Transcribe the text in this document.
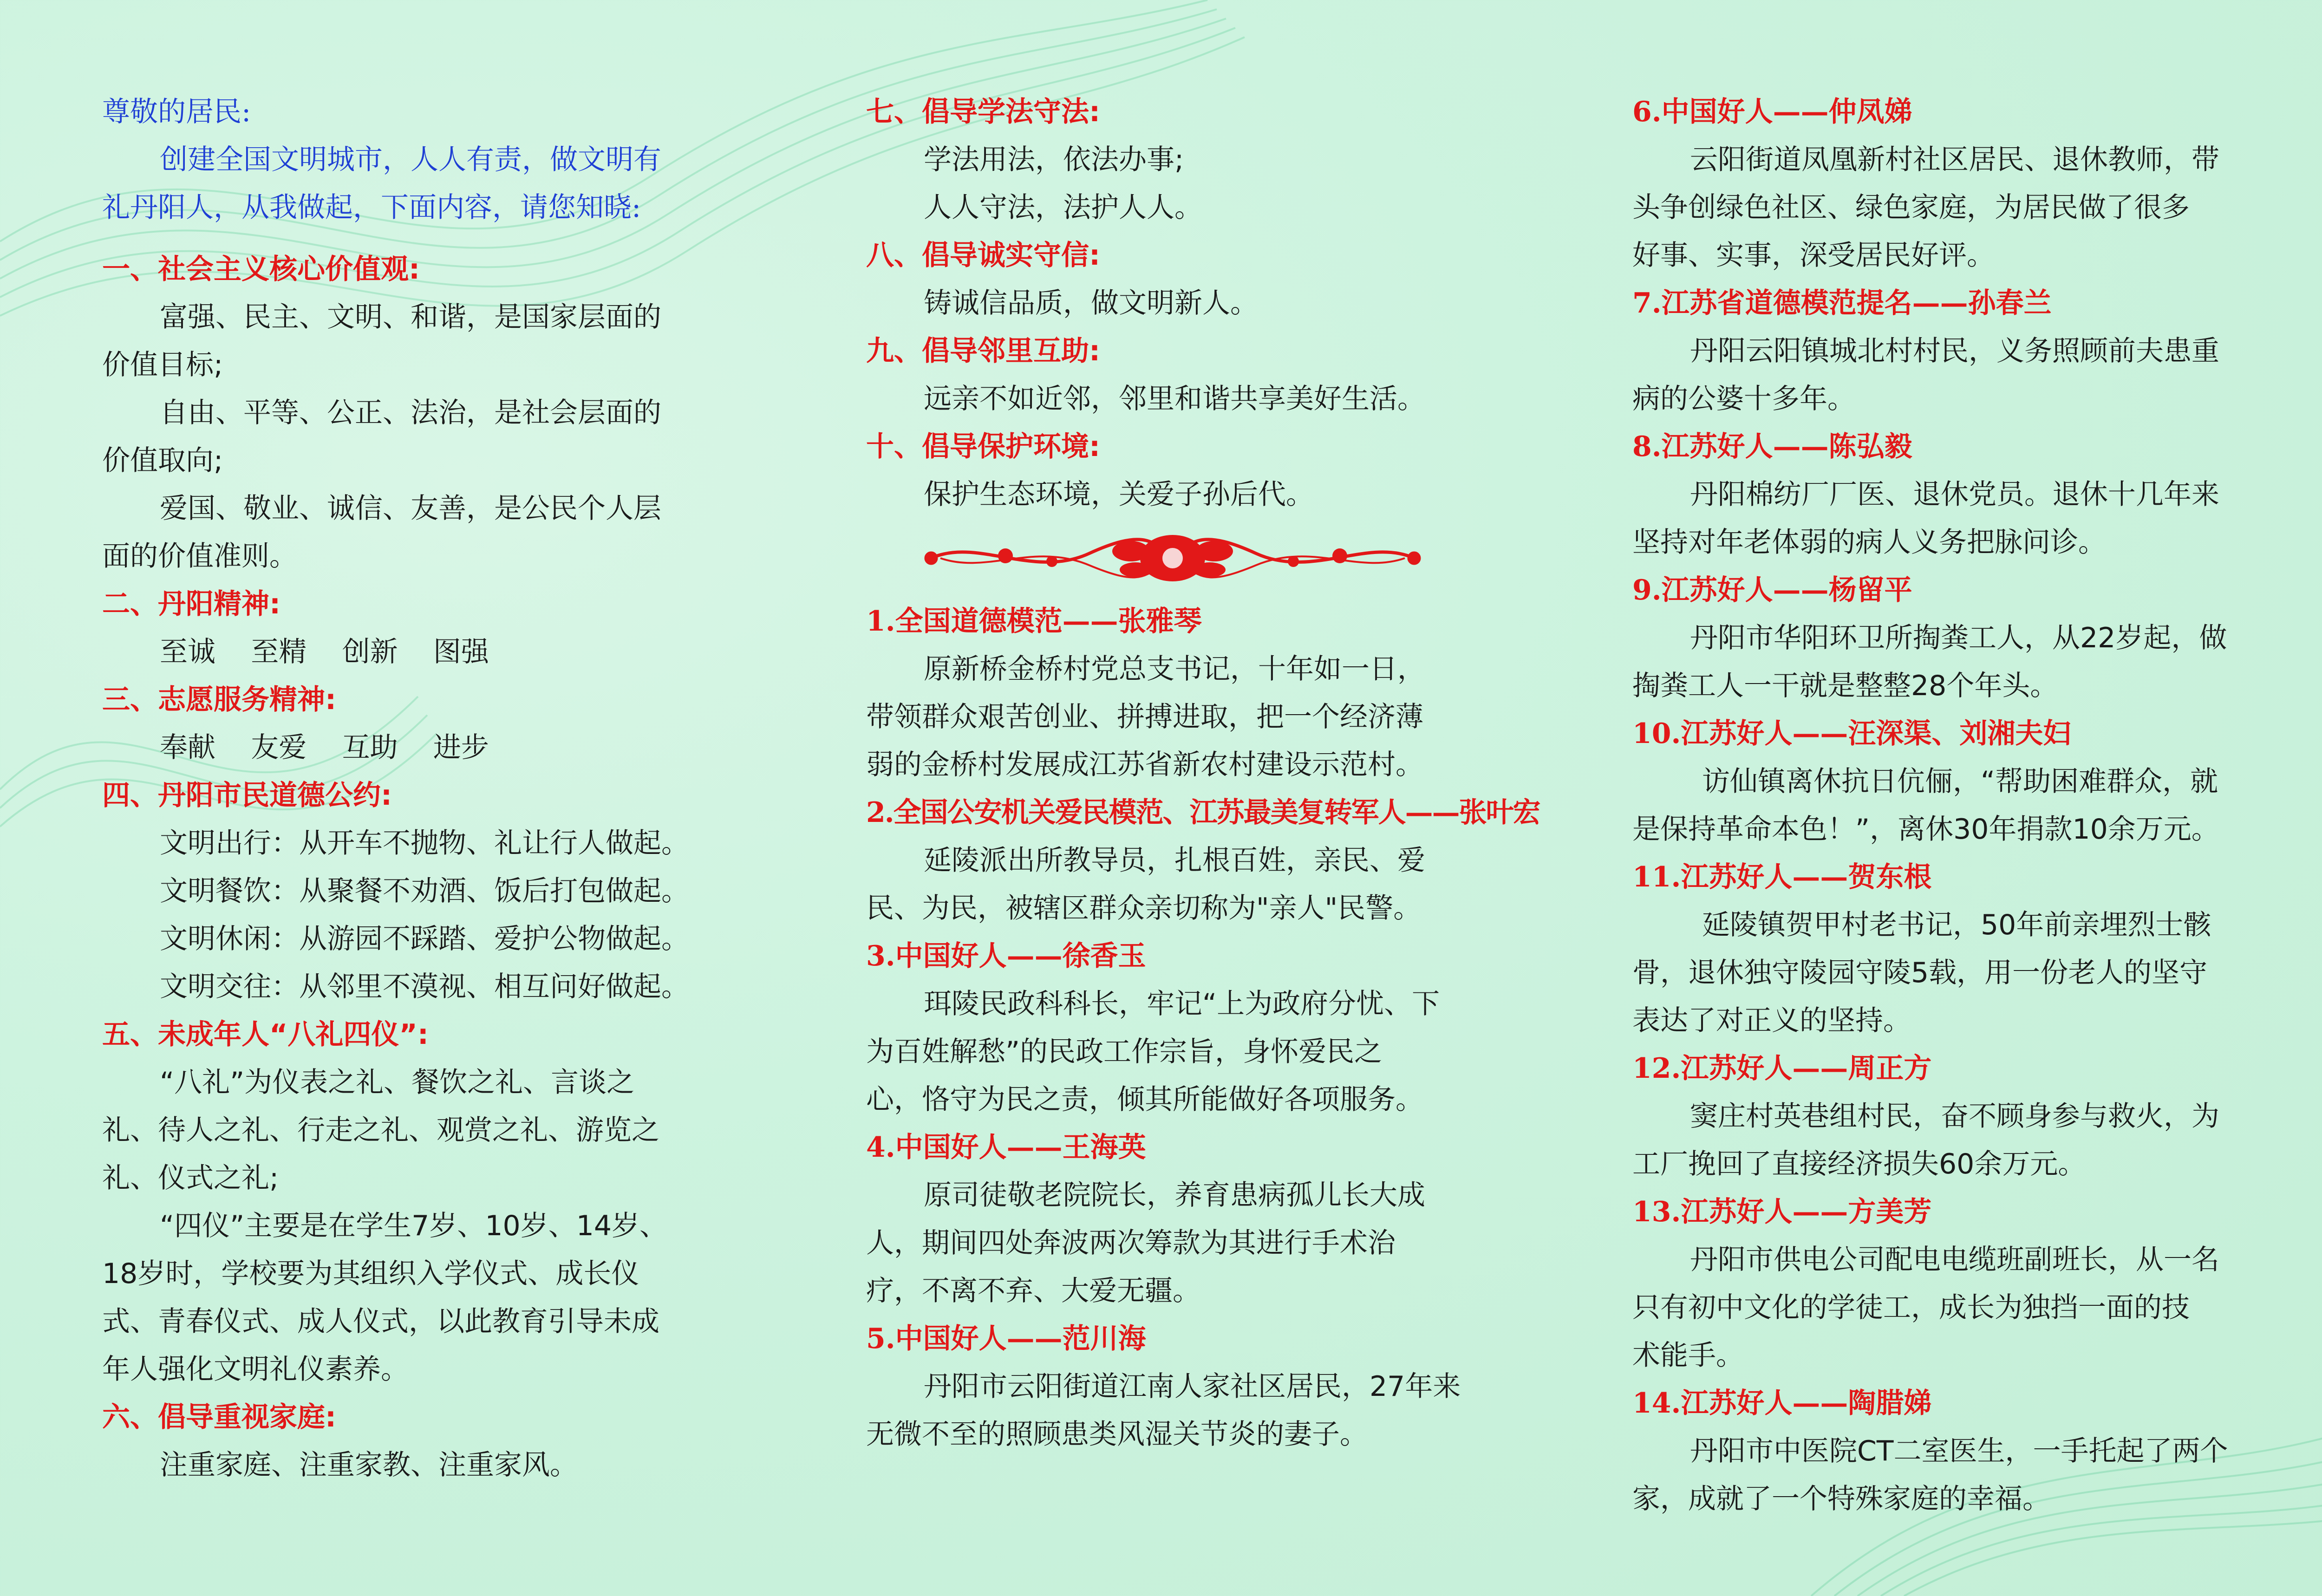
尊敬的居民:
创建全国文明城市，人人有责，做文明有
礼丹阳人，从我做起，下面内容，请您知晓:
一、社会主义核心价值观:
富强、民主、文明、和谐，是国家层面的
价值目标;
自由、平等、公正、法治，是社会层面的
价值取向;
爱国、敬业、诚信、友善，是公民个人层
面的价值准则。
二、丹阳精神:
至诚    至精    创新    图强
三、志愿服务精神:
奉献    友爱    互助    进步
四、丹阳市民道德公约:
文明出行：从开车不抛物、礼让行人做起。
文明餐饮：从聚餐不劝酒、饭后打包做起。
文明休闲：从游园不踩踏、爱护公物做起。
文明交往：从邻里不漠视、相互问好做起。
五、未成年人“八礼四仪”:
“八礼”为仪表之礼、餐饮之礼、言谈之
礼、待人之礼、行走之礼、观赏之礼、游览之
礼、仪式之礼;
“四仪”主要是在学生7岁、10岁、14岁、
18岁时，学校要为其组织入学仪式、成长仪
式、青春仪式、成人仪式，以此教育引导未成
年人强化文明礼仪素养。
六、倡导重视家庭:
注重家庭、注重家教、注重家风。
七、倡导学法守法:
学法用法，依法办事;
人人守法，法护人人。
八、倡导诚实守信:
铸诚信品质，做文明新人。
九、倡导邻里互助:
远亲不如近邻，邻里和谐共享美好生活。
十、倡导保护环境:
保护生态环境，关爱子孙后代。
1.全国道德模范——张雅琴
原新桥金桥村党总支书记，十年如一日，
带领群众艰苦创业、拼搏进取，把一个经济薄
弱的金桥村发展成江苏省新农村建设示范村。
2.全国公安机关爱民模范、江苏最美复转军人——张叶宏
延陵派出所教导员，扎根百姓，亲民、爱
民、为民，被辖区群众亲切称为"亲人"民警。
3.中国好人——徐香玉
珥陵民政科科长，牢记“上为政府分忧、下
为百姓解愁”的民政工作宗旨，身怀爱民之
心，恪守为民之责，倾其所能做好各项服务。
4.中国好人——王海英
原司徒敬老院院长，养育患病孤儿长大成
人，期间四处奔波两次筹款为其进行手术治
疗，不离不弃、大爱无疆。
5.中国好人——范川海
丹阳市云阳街道江南人家社区居民，27年来
无微不至的照顾患类风湿关节炎的妻子。
6.中国好人——仲凤娣
云阳街道凤凰新村社区居民、退休教师，带
头争创绿色社区、绿色家庭，为居民做了很多
好事、实事，深受居民好评。
7.江苏省道德模范提名——孙春兰
丹阳云阳镇城北村村民，义务照顾前夫患重
病的公婆十多年。
8.江苏好人——陈弘毅
丹阳棉纺厂厂医、退休党员。退休十几年来
坚持对年老体弱的病人义务把脉问诊。
9.江苏好人——杨留平
丹阳市华阳环卫所掏粪工人，从22岁起，做
掏粪工人一干就是整整28个年头。
10.江苏好人——汪深渠、刘湘夫妇
访仙镇离休抗日伉俪，“帮助困难群众，就
是保持革命本色！”，离休30年捐款10余万元。
11.江苏好人——贺东根
延陵镇贺甲村老书记，50年前亲埋烈士骸
骨，退休独守陵园守陵5载，用一份老人的坚守
表达了对正义的坚持。
12.江苏好人——周正方
窦庄村英巷组村民，奋不顾身参与救火，为
工厂挽回了直接经济损失60余万元。
13.江苏好人——方美芳
丹阳市供电公司配电电缆班副班长，从一名
只有初中文化的学徒工，成长为独挡一面的技
术能手。
14.江苏好人——陶腊娣
丹阳市中医院CT二室医生，一手托起了两个
家，成就了一个特殊家庭的幸福。
